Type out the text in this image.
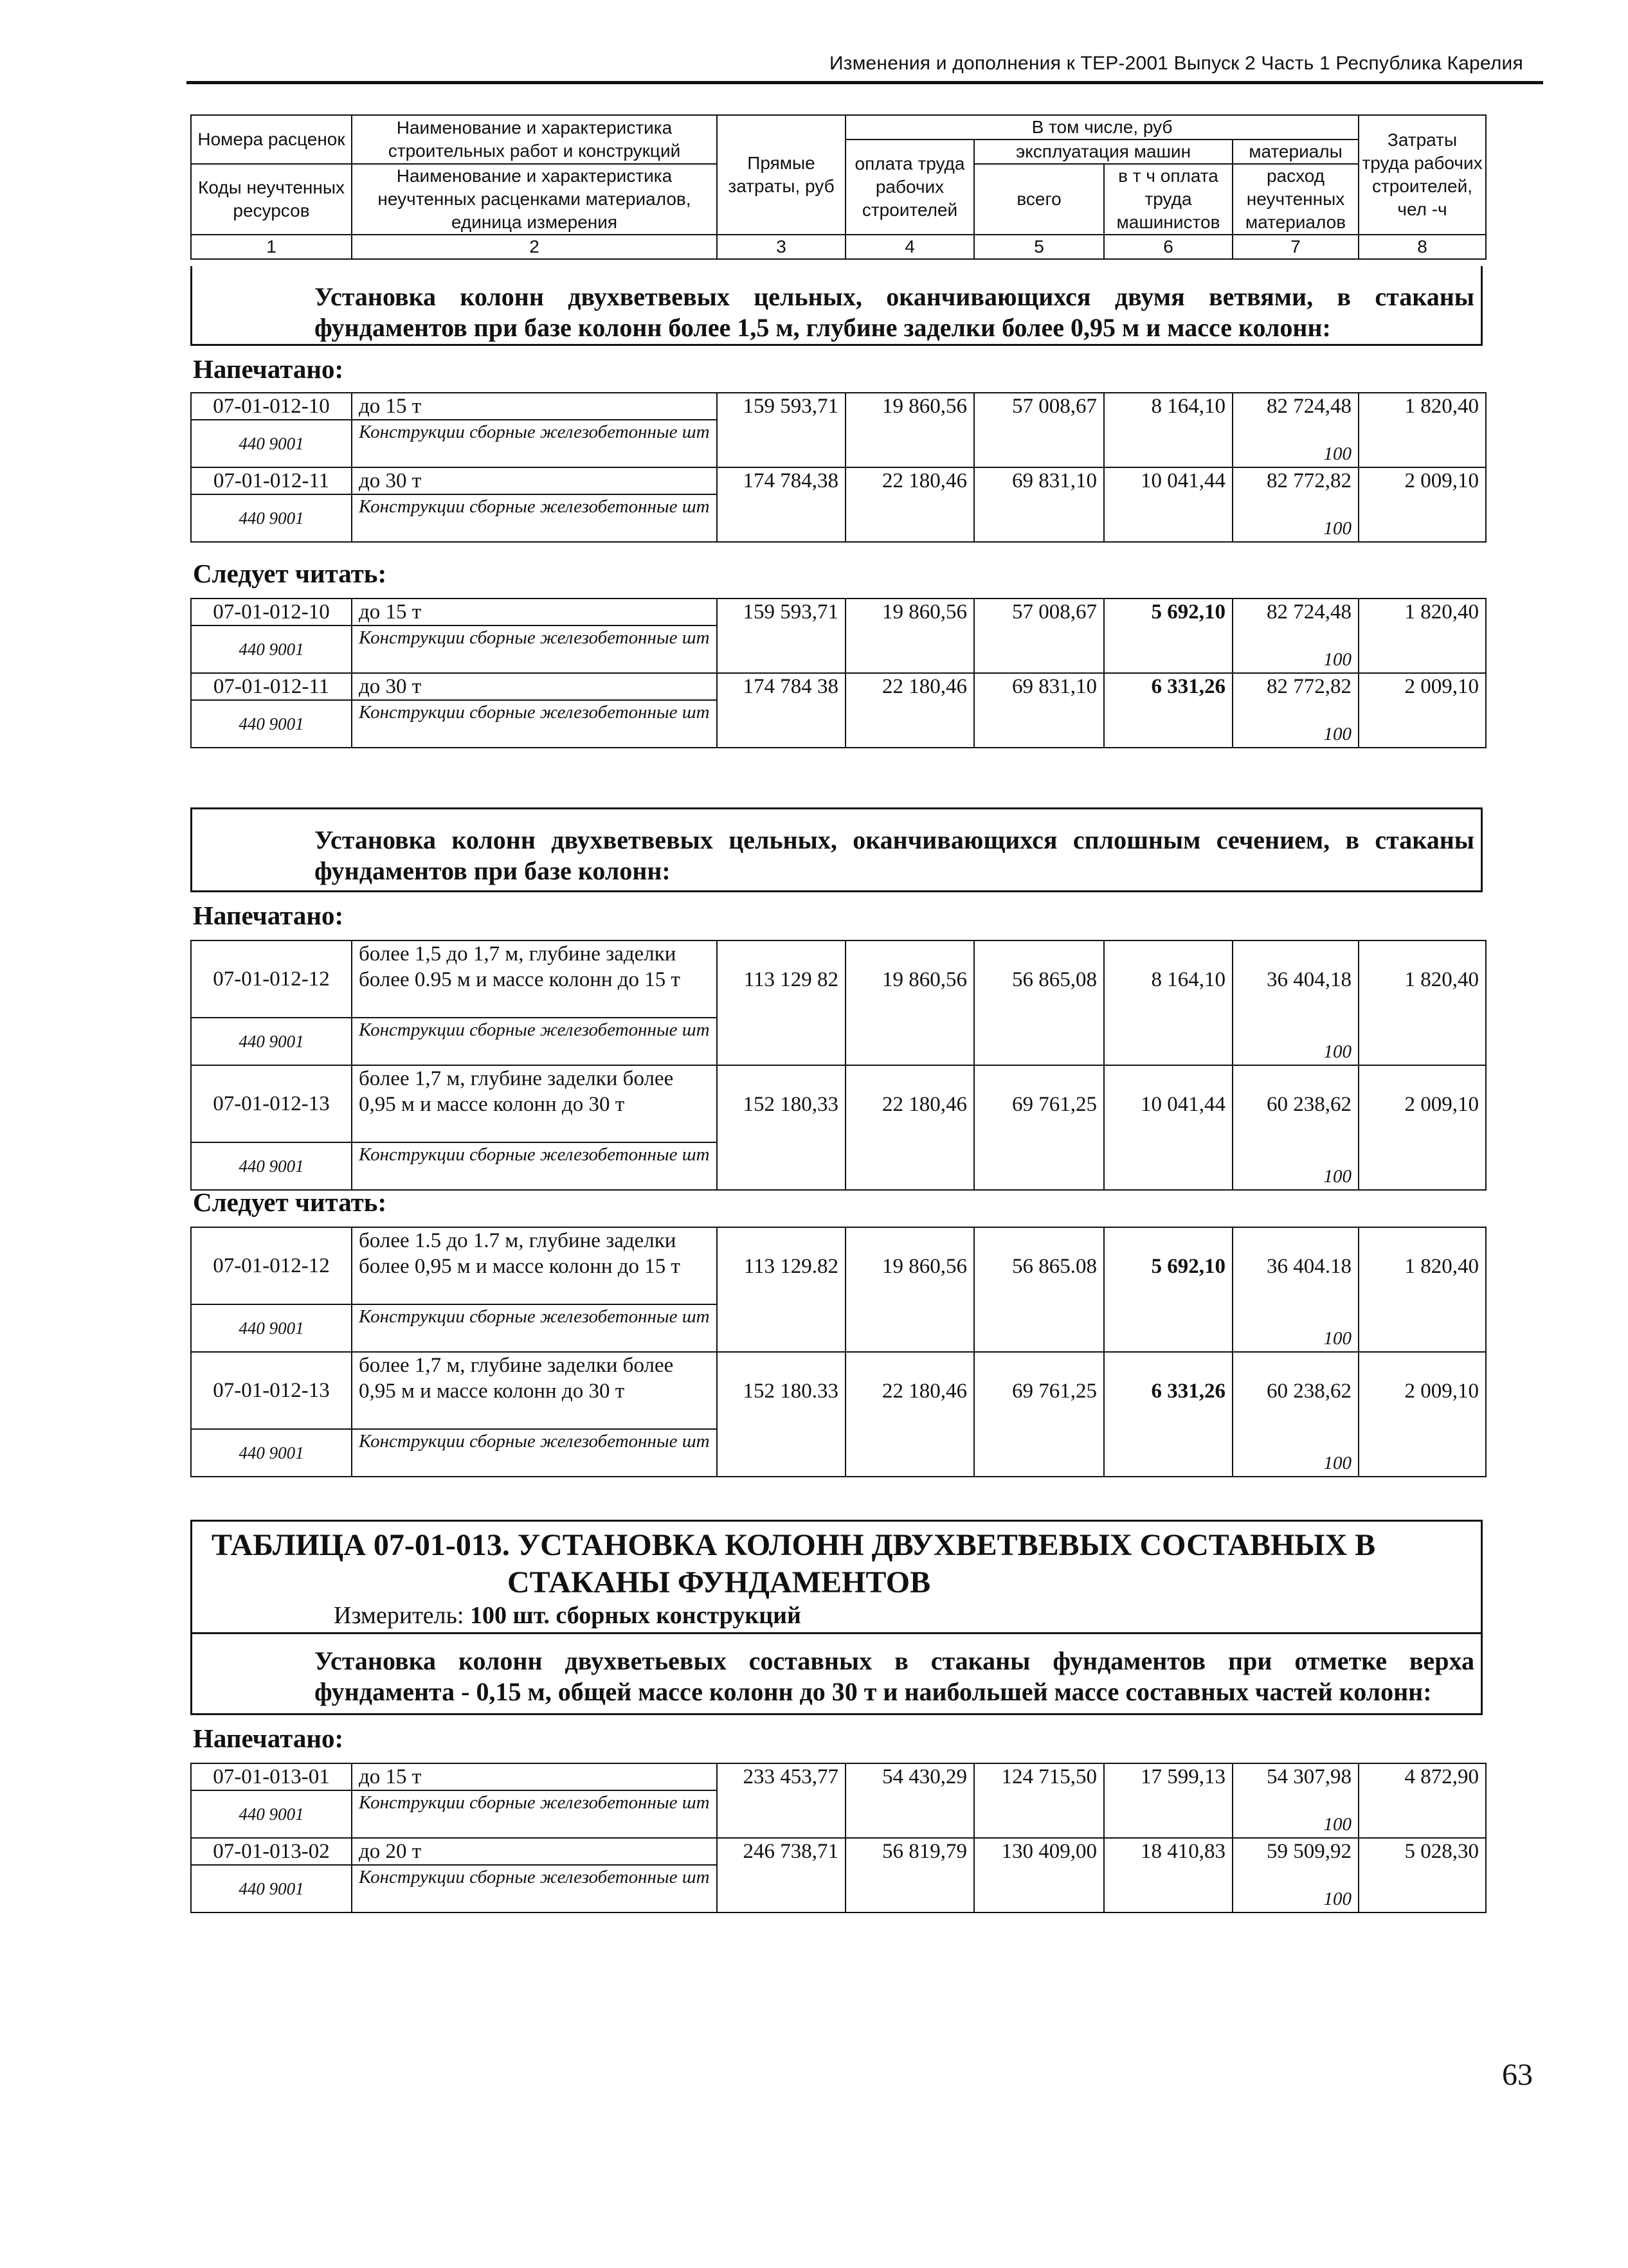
Изменения и дополнения к ТЕР-2001 Выпуск 2 Часть 1 Республика Карелия
Номера расценок	Наименование и характеристика строительных работ и конструкций	Прямые затраты, руб	В том числе, руб				Затраты труда рабочих строителей, чел -ч
			оплата труда рабочих строителей	эксплуатация машин		материалы	
Коды неучтенных ресурсов	Наименование и характеристика неучтенных расценками материалов, единица измерения			всего	в т ч оплата труда машинистов	расход неучтенных материалов	

1	2	3	4	5	6	7	8
Установка колонн двухветвевых цельных, оканчивающихся двумя ветвями, в стаканы фундаментов при базе колонн более 1,5 м, глубине заделки более 0,95 м и массе колонн:
Напечатано:
07-01-012-10	до 15 т	159 593,71	19 860,56	57 008,67	8 164,10	82 724,48	1 820,40
440 9001	Конструкции сборные железобетонные шт					100	
07-01-012-11	до 30 т	174 784,38	22 180,46	69 831,10	10 041,44	82 772,82	2 009,10
440 9001	Конструкции сборные железобетонные шт					100	
Следует читать:
07-01-012-10	до 15 т	159 593,71	19 860,56	57 008,67	5 692,10	82 724,48	1 820,40
440 9001	Конструкции сборные железобетонные шт					100	
07-01-012-11	до 30 т	174 784 38	22 180,46	69 831,10	6 331,26	82 772,82	2 009,10
440 9001	Конструкции сборные железобетонные шт					100	
Установка колонн двухветвевых цельных, оканчивающихся сплошным сечением, в стаканы фундаментов при базе колонн:
Напечатано:
07-01-012-12	более 1,5 до 1,7 м, глубине заделки более 0.95 м и массе колонн до 15 т	113 129 82	19 860,56	56 865,08	8 164,10	36 404,18	1 820,40
440 9001	Конструкции сборные железобетонные шт					100	
07-01-012-13	более 1,7 м, глубине заделки более 0,95 м и массе колонн до 30 т	152 180,33	22 180,46	69 761,25	10 041,44	60 238,62	2 009,10
440 9001	Конструкции сборные железобетонные шт					100	
Следует читать:
07-01-012-12	более 1.5 до 1.7 м, глубине заделки более 0,95 м и массе колонн до 15 т	113 129.82	19 860,56	56 865.08	5 692,10	36 404.18	1 820,40
440 9001	Конструкции сборные железобетонные шт					100	
07-01-012-13	более 1,7 м, глубине заделки более 0,95 м и массе колонн до 30 т	152 180.33	22 180,46	69 761,25	6 331,26	60 238,62	2 009,10
440 9001	Конструкции сборные железобетонные шт					100	
ТАБЛИЦА 07-01-013. УСТАНОВКА КОЛОНН ДВУХВЕТВЕВЫХ СОСТАВНЫХ В
СТАКАНЫ ФУНДАМЕНТОВ
Измеритель: 100 шт. сборных конструкций
Установка колонн двухветьевых составных в стаканы фундаментов при отметке верха фундамента - 0,15 м, общей массе колонн до 30 т и наибольшей массе составных частей колонн:
Напечатано:
07-01-013-01	до 15 т	233 453,77	54 430,29	124 715,50	17 599,13	54 307,98	4 872,90
440 9001	Конструкции сборные железобетонные шт					100	
07-01-013-02	до 20 т	246 738,71	56 819,79	130 409,00	18 410,83	59 509,92	5 028,30
440 9001	Конструкции сборные железобетонные шт					100	
63
